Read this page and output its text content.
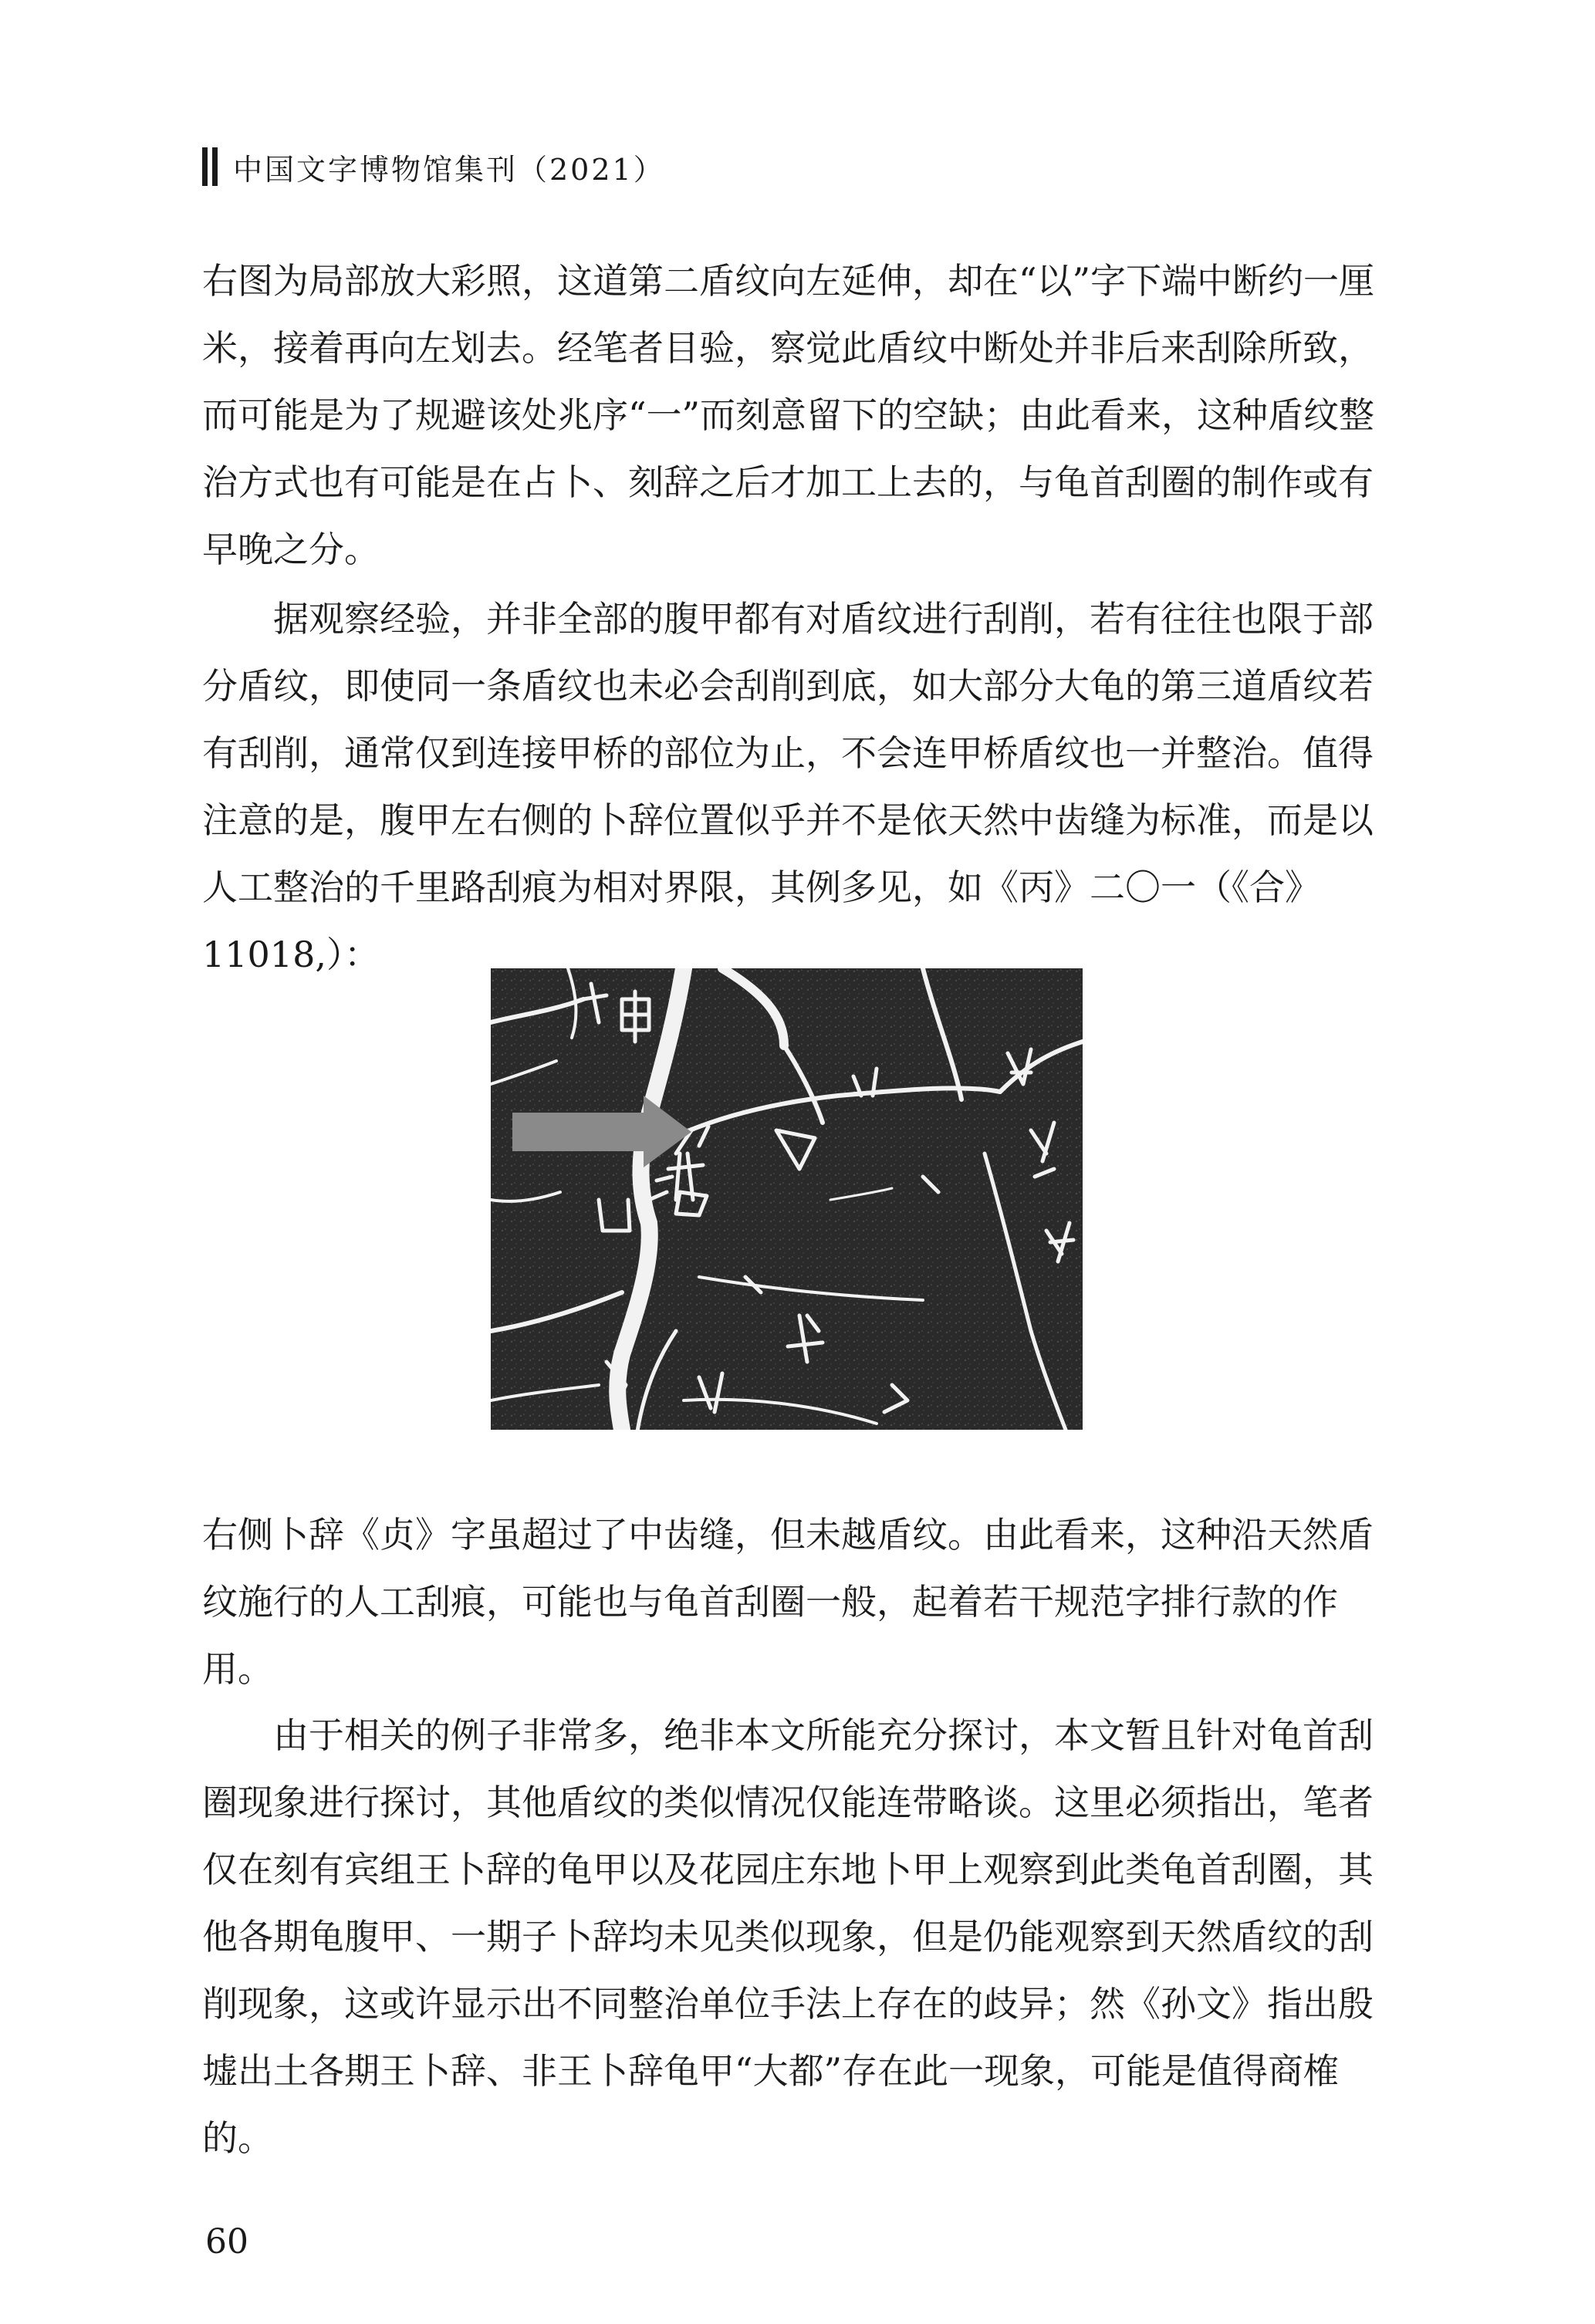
中国文字博物馆集刊（2021）

右图为局部放大彩照，这道第二盾纹向左延伸，却在“以”字下端中断约一厘米，接着再向左划去。经笔者目验，察觉此盾纹中断处并非后来刮除所致，而可能是为了规避该处兆序“一”而刻意留下的空缺；由此看来，这种盾纹整治方式也有可能是在占卜、刻辞之后才加工上去的，与龟首刮圈的制作或有早晚之分。

据观察经验，并非全部的腹甲都有对盾纹进行刮削，若有往往也限于部分盾纹，即使同一条盾纹也未必会刮削到底，如大部分大龟的第三道盾纹若有刮削，通常仅到连接甲桥的部位为止，不会连甲桥盾纹也一并整治。值得注意的是，腹甲左右侧的卜辞位置似乎并不是依天然中齿缝为标准，而是以人工整治的千里路刮痕为相对界限，其例多见，如《丙》二〇一（《合》11018,）：

右侧卜辞《贞》字虽超过了中齿缝，但未越盾纹。由此看来，这种沿天然盾纹施行的人工刮痕，可能也与龟首刮圈一般，起着若干规范字排行款的作用。

由于相关的例子非常多，绝非本文所能充分探讨，本文暂且针对龟首刮圈现象进行探讨，其他盾纹的类似情况仅能连带略谈。这里必须指出，笔者仅在刻有宾组王卜辞的龟甲以及花园庄东地卜甲上观察到此类龟首刮圈，其他各期龟腹甲、一期子卜辞均未见类似现象，但是仍能观察到天然盾纹的刮削现象，这或许显示出不同整治单位手法上存在的歧异；然《孙文》指出殷墟出土各期王卜辞、非王卜辞龟甲“大都”存在此一现象，可能是值得商榷的。

60
